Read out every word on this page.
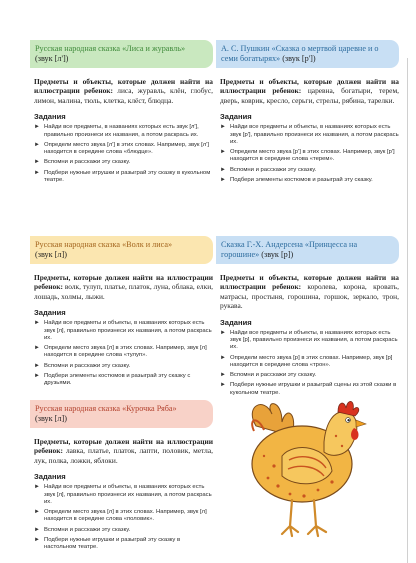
Русская народная сказка «Лиса и журавль»
(звук [л'])
Предметы и объекты, которые должен найти на иллюстрации ребенок: лиса, журавль, клён, глобус, лимон, малина, тюль, клетка, клёст, блюдца.
Задания
► Найди все предметы, в названиях которых есть звук [л'], правильно произнеси их названия, а потом раскрась их.
► Определи место звука [л'] в этих словах. Например, звук [л'] находится в середине слова «блюдце».
► Вспомни и расскажи эту сказку.
► Подбери нужные игрушки и разыграй эту сказку в кукольном театре.
Русская народная сказка «Волк и лиса»
(звук [л])
Предметы, которые должен найти на иллюстрации ребенок: волк, тулуп, платье, платок, луна, облака, елки, лошадь, холмы, лыжи.
Задания
► Найди все предметы и объекты, в названиях которых есть звук [л], правильно произнеси их названия, а потом раскрась их.
► Определи место звука [л] в этих словах. Например, звук [л] находится в середине слова «тулуп».
► Вспомни и расскажи эту сказку.
► Подбери элементы костюмов и разыграй эту сказку с друзьями.
Русская народная сказка «Курочка Ряба»
(звук [л])
Предметы, которые должен найти на иллюстрации ребенок: лавка, платье, платок, лапти, половик, метла, лук, полка, ложки, яблоки.
Задания
► Найди все предметы и объекты, в названиях которых есть звук [л], правильно произнеси их названия, а потом раскрась их.
► Определи место звука [л] в этих словах. Например, звук [л] находится в середине слова «половик».
► Вспомни и расскажи эту сказку.
► Подбери нужные игрушки и разыграй эту сказку в настольном театре.
А. С. Пушкин «Сказка о мертвой царевне и о семи богатырях» (звук [р'])
Предметы и объекты, которые должен найти на иллюстрации ребенок: царевна, богатыри, терем, дверь, коврик, кресло, серьги, стрелы, рябина, тарелки.
Задания
► Найди все предметы и объекты, в названиях которых есть звук [р'], правильно произнеси их названия, а потом раскрась их.
► Определи место звука [р'] в этих словах. Например, звук [р'] находится в середине слова «терем».
► Вспомни и расскажи эту сказку.
► Подбери элементы костюмов и разыграй эту сказку.
Сказка Г.-Х. Андерсена «Принцесса на горошине» (звук [р])
Предметы и объекты, которые должен найти на иллюстрации ребенок: королева, корона, кровать, матрасы, простыня, горошина, горшок, зеркало, трон, рукава.
Задания
► Найди все предметы и объекты, в названиях которых есть звук [р], правильно произнеси их названия, а потом раскрась их.
► Определи место звука [р] в этих словах. Например, звук [р] находится в середине слова «трон».
► Вспомни и расскажи эту сказку.
► Подбери нужные игрушки и разыграй сцены из этой сказки в кукольном театре.
